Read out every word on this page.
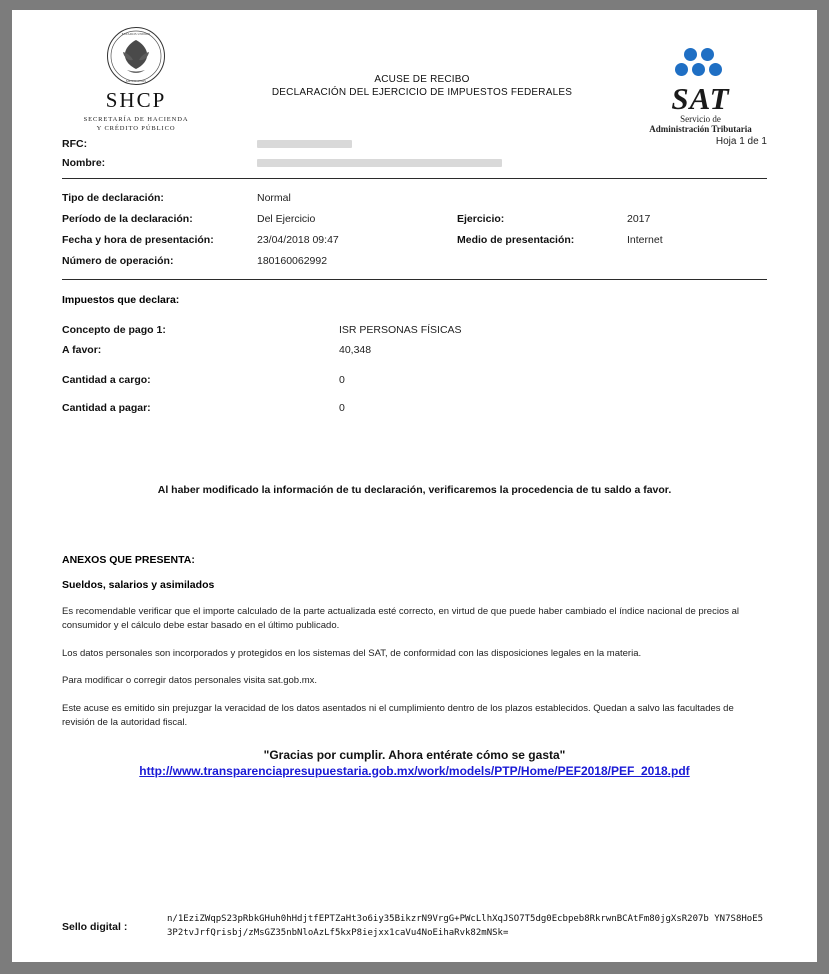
ESTADOS UNIDOS
MEXICANOS
SHCP
SECRETARÍA DE HACIENDA
Y CRÉDITO PÚBLICO
ACUSE DE RECIBO
DECLARACIÓN DEL EJERCICIO DE IMPUESTOS FEDERALES	SAT
Servicio de
Administración Tributaria
RFC:
Nombre:
Hoja 1 de 1
Tipo de declaración:	Normal
Período de la declaración:	Del Ejercicio	Ejercicio:	2017
Fecha y hora de presentación:	23/04/2018 09:47	Medio de presentación:	Internet
Número de operación:	180160062992
Impuestos que declara:
Concepto de pago 1:	ISR PERSONAS FÍSICAS
A favor:	40,348
Cantidad a cargo:	0
Cantidad a pagar:	0
Al haber modificado la información de tu declaración, verificaremos la procedencia de tu saldo a favor.
ANEXOS QUE PRESENTA:
Sueldos, salarios y asimilados
Es recomendable verificar que el importe calculado de la parte actualizada esté correcto, en virtud de que puede haber cambiado el índice nacional de precios al consumidor y el cálculo debe estar basado en el último publicado.
Los datos personales son incorporados y protegidos en los sistemas del SAT, de conformidad con las disposiciones legales en la materia.
Para modificar o corregir datos personales visita sat.gob.mx.
Este acuse es emitido sin prejuzgar la veracidad de los datos asentados ni el cumplimiento dentro de los plazos establecidos. Quedan a salvo las facultades de revisión de la autoridad fiscal.
"Gracias por cumplir. Ahora entérate cómo se gasta"
http://www.transparenciapresupuestaria.gob.mx/work/models/PTP/Home/PEF2018/PEF_2018.pdf
Sello digital :
n/1EziZWqpS23pRbkGHuh0hHdjtfEPTZaHt3o6iy35BikzrN9VrgG+PWcLlhXqJSO7T5dg0Ecbpeb8RkrwnBCAtFm80jgXsR207b YN7S8HoE53P2tvJrfQrisbj/zMsGZ35nbNloAzLf5kxP8iejxx1caVu4NoEihaRvk82mNSk=
